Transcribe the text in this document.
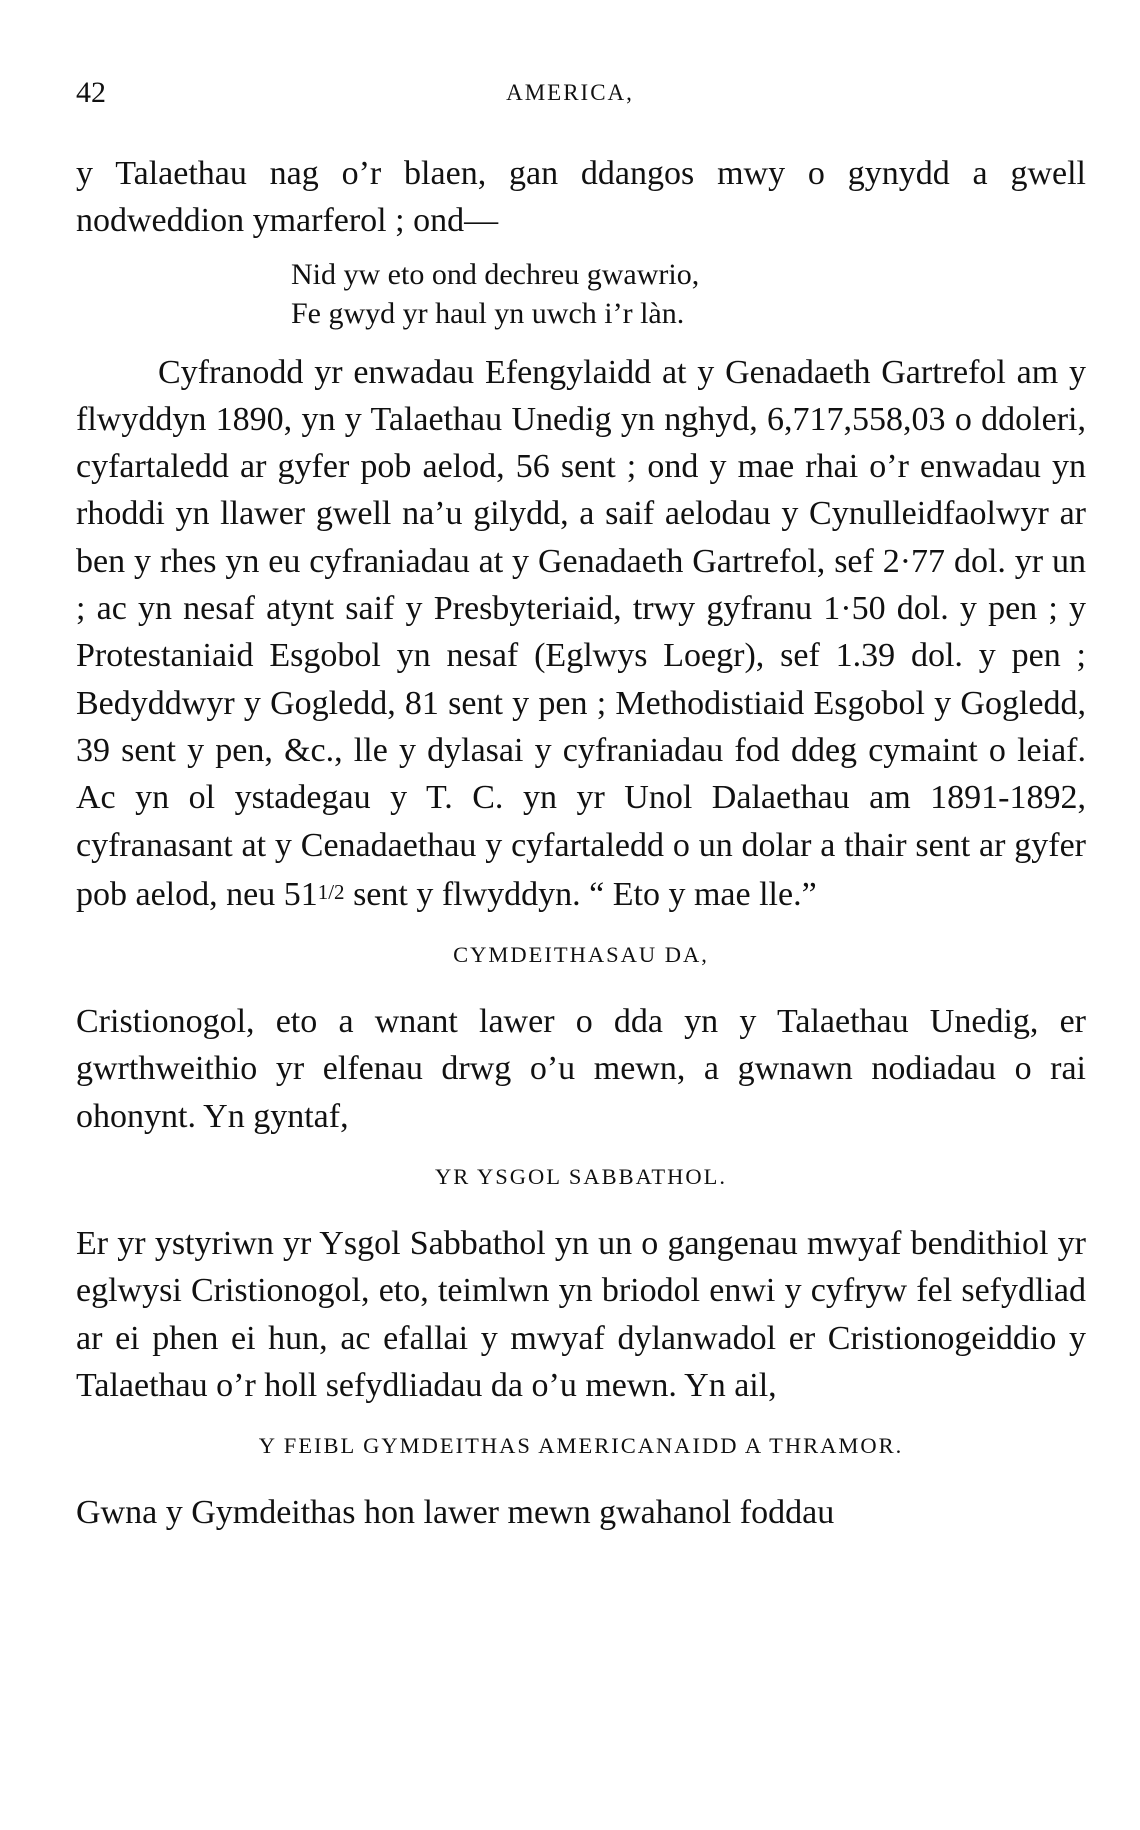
42	AMERICA,

y Talaethau nag o’r blaen, gan ddangos mwy o gynydd a gwell nodweddion ymarferol ; ond—

Nid yw eto ond dechreu gwawrio,
Fe gwyd yr haul yn uwch i’r làn.

Cyfranodd yr enwadau Efengylaidd at y Genadaeth Gartrefol am y flwyddyn 1890, yn y Talaethau Unedig yn nghyd, 6,717,558,03 o ddoleri, cyfartaledd ar gyfer pob aelod, 56 sent ; ond y mae rhai o’r enwadau yn rhoddi yn llawer gwell na’u gilydd, a saif aelodau y Cynulleidfaolwyr ar ben y rhes yn eu cyfraniadau at y Genadaeth Gartrefol, sef 2·77 dol. yr un ; ac yn nesaf atynt saif y Presbyteriaid, trwy gyfranu 1·50 dol. y pen ; y Protestaniaid Esgobol yn nesaf (Eglwys Loegr), sef 1.39 dol. y pen ; Bedyddwyr y Gogledd, 81 sent y pen ; Methodistiaid Esgobol y Gogledd, 39 sent y pen, &c., lle y dylasai y cyfraniadau fod ddeg cymaint o leiaf. Ac yn ol ystadegau y T. C. yn yr Unol Dalaethau am 1891-1892, cyfranasant at y Cenadaethau y cyfartaledd o un dolar a thair sent ar gyfer pob aelod, neu 511/2 sent y flwyddyn. “ Eto y mae lle.”

CYMDEITHASAU DA,

Cristionogol, eto a wnant lawer o dda yn y Talaethau Unedig, er gwrthweithio yr elfenau drwg o’u mewn, a gwnawn nodiadau o rai ohonynt. Yn gyntaf,

YR YSGOL SABBATHOL.

Er yr ystyriwn yr Ysgol Sabbathol yn un o gangenau mwyaf bendithiol yr eglwysi Cristionogol, eto, teimlwn yn briodol enwi y cyfryw fel sefydliad ar ei phen ei hun, ac efallai y mwyaf dylanwadol er Cristionogeiddio y Talaethau o’r holl sefydliadau da o’u mewn. Yn ail,

Y FEIBL GYMDEITHAS AMERICANAIDD A THRAMOR.

Gwna y Gymdeithas hon lawer mewn gwahanol foddau
